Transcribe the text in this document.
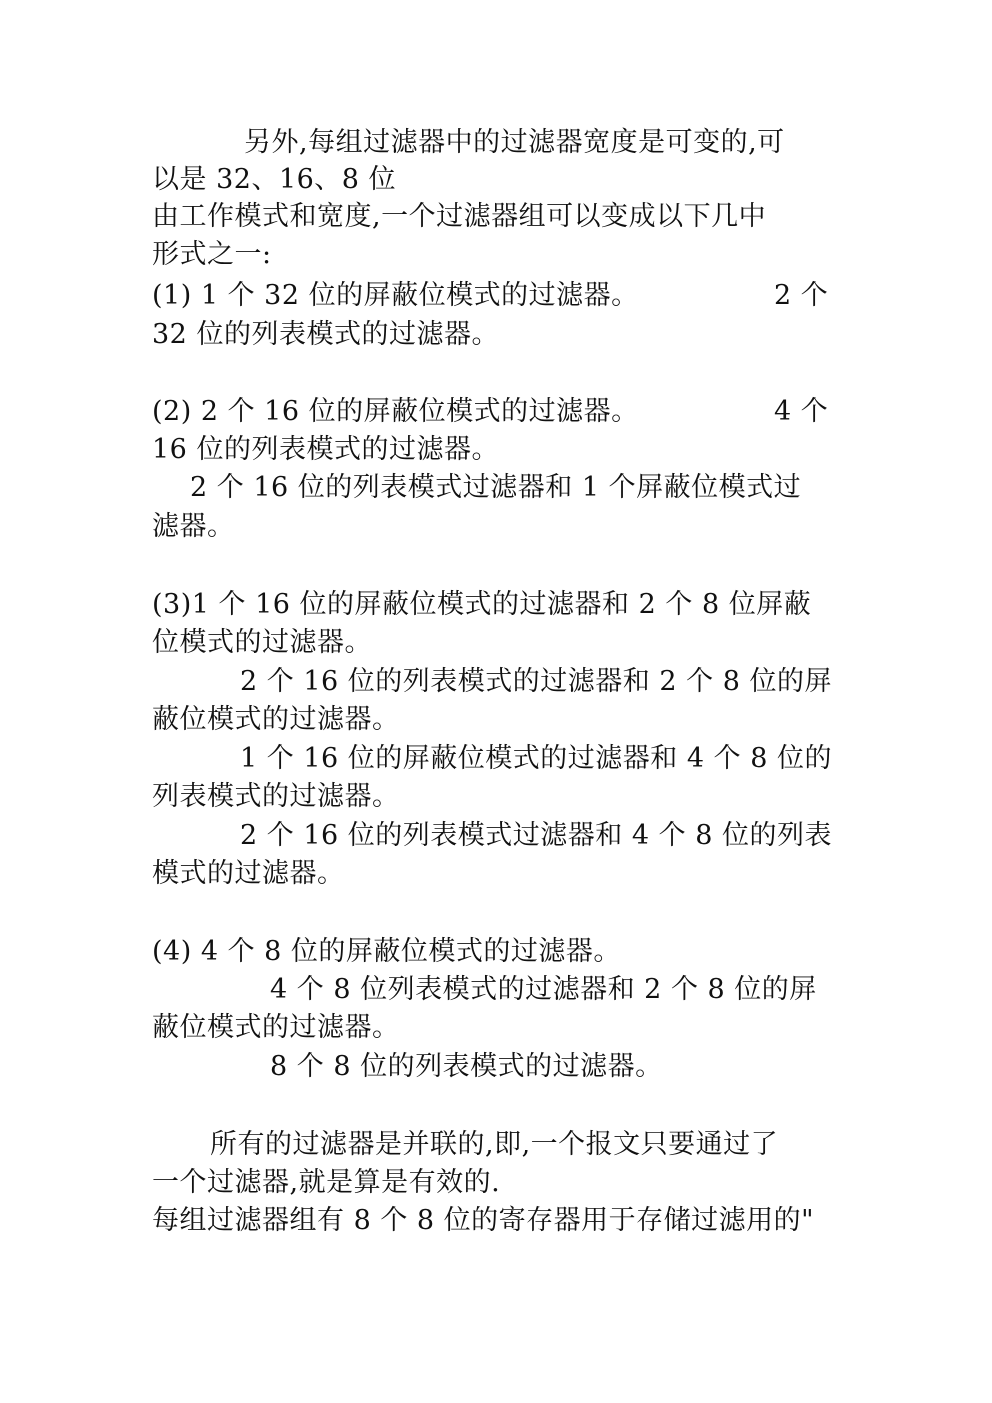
另外,每组过滤器中的过滤器宽度是可变的,可
以是 32、16、8 位
由工作模式和宽度,一个过滤器组可以变成以下几中
形式之一:
(1) 1 个 32 位的屏蔽位模式的过滤器。	2 个
32 位的列表模式的过滤器。
(2) 2 个 16 位的屏蔽位模式的过滤器。	4 个
16 位的列表模式的过滤器。
2 个 16 位的列表模式过滤器和 1 个屏蔽位模式过
滤器。
(3)1 个 16 位的屏蔽位模式的过滤器和 2 个 8 位屏蔽
位模式的过滤器。
2 个 16 位的列表模式的过滤器和 2 个 8 位的屏
蔽位模式的过滤器。
1 个 16 位的屏蔽位模式的过滤器和 4 个 8 位的
列表模式的过滤器。
2 个 16 位的列表模式过滤器和 4 个 8 位的列表
模式的过滤器。
(4) 4 个 8 位的屏蔽位模式的过滤器。
4 个 8 位列表模式的过滤器和 2 个 8 位的屏
蔽位模式的过滤器。
8 个 8 位的列表模式的过滤器。
所有的过滤器是并联的,即,一个报文只要通过了
一个过滤器,就是算是有效的.
每组过滤器组有 8 个 8 位的寄存器用于存储过滤用的"
